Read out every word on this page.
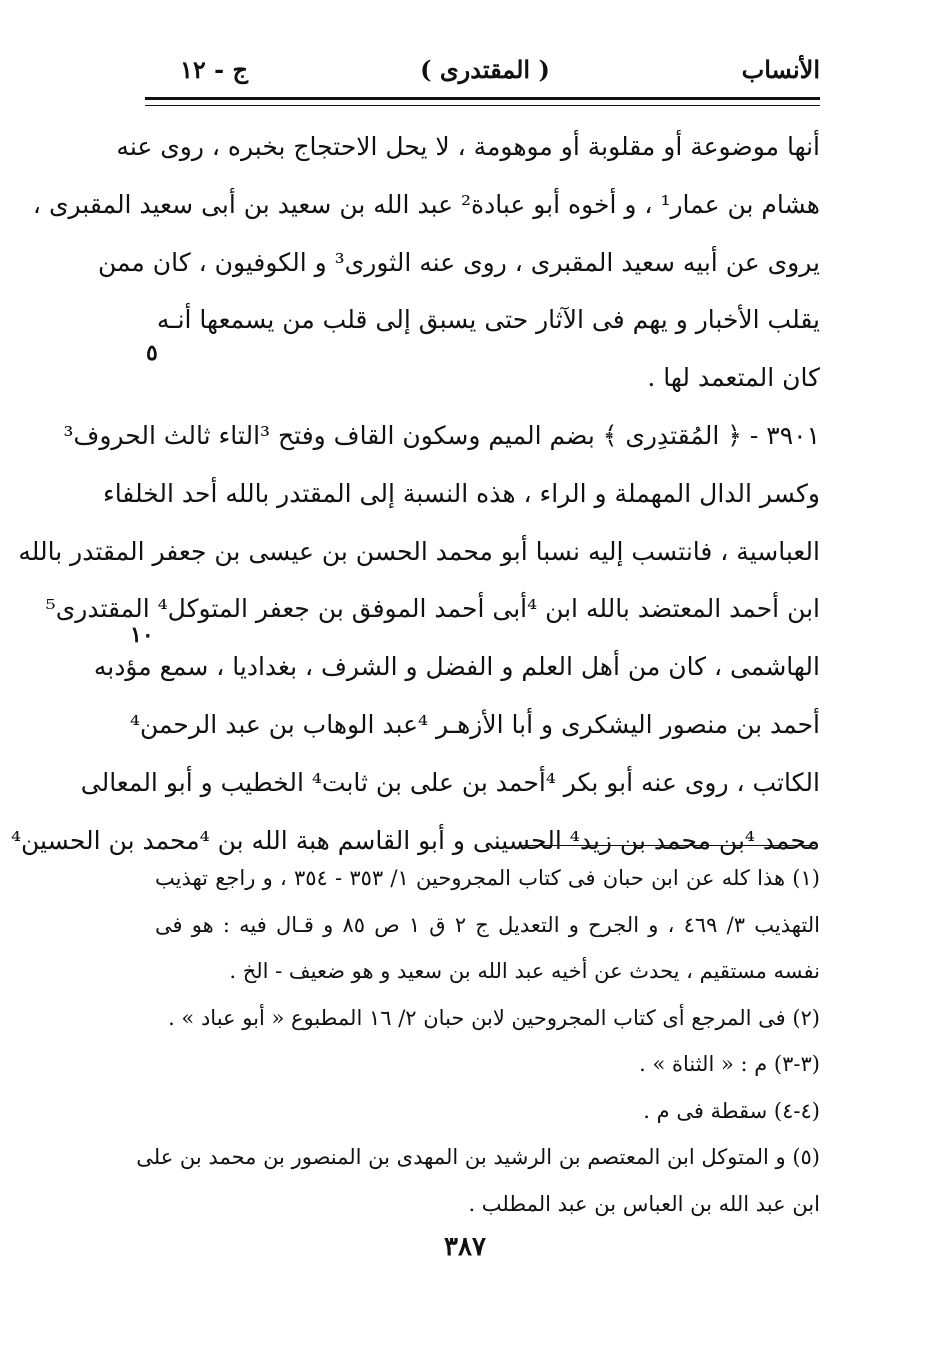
الأنساب
( المقتدرى )
ج - ١٢
أنها موضوعة أو مقلوبة أو موهومة ، لا يحل الاحتجاج بخبره ، روى عنه
هشام بن عمار¹ ، و أخوه أبو عبادة² عبد الله بن سعيد بن أبى سعيد المقبرى ،
يروى عن أبيه سعيد المقبرى ، روى عنه الثورى³ و الكوفيون ، كان ممن
يقلب الأخبار و يهم فى الآثار حتى يسبق إلى قلب من يسمعها أنـه
كان المتعمد لها .
٣٩٠١ - ﴿ المُقتدِرى ﴾ بضم الميم وسكون القاف وفتح ³التاء ثالث الحروف³
وكسر الدال المهملة و الراء ، هذه النسبة إلى المقتدر بالله أحد الخلفاء
العباسية ، فانتسب إليه نسبا أبو محمد الحسن بن عيسى بن جعفر المقتدر بالله
ابن أحمد المعتضد بالله ابن ⁴أبى أحمد الموفق بن جعفر المتوكل⁴ المقتدرى⁵
الهاشمى ، كان من أهل العلم و الفضل و الشرف ، بغداديا ، سمع مؤدبه
أحمد بن منصور اليشكرى و أبا الأزهـر ⁴عبد الوهاب بن عبد الرحمن⁴
الكاتب ، روى عنه أبو بكر ⁴أحمد بن على بن ثابت⁴ الخطيب و أبو المعالى
محمد ⁴بن محمد بن زيد⁴ الحسينى و أبو القاسم هبة الله بن ⁴محمد بن الحسين⁴
٥
١٠
(١) هذا كله عن ابن حبان فى كتاب المجروحين ١/ ٣٥٣ - ٣٥٤ ، و راجع تهذيب
التهذيب ٣/ ٤٦٩ ، و الجرح و التعديل ج ٢ ق ١ ص ٨٥ و قـال فيه : هو فى
نفسه مستقيم ، يحدث عن أخيه عبد الله بن سعيد و هو ضعيف - الخ .
(٢) فى المرجع أى كتاب المجروحين لابن حبان ٢/ ١٦ المطبوع « أبو عباد » .
(٣-٣) م : « الثناة » .
(٤-٤) سقطة فى م .
(٥) و المتوكل ابن المعتصم بن الرشيد بن المهدى بن المنصور بن محمد بن على
ابن عبد الله بن العباس بن عبد المطلب .
٣٨٧
